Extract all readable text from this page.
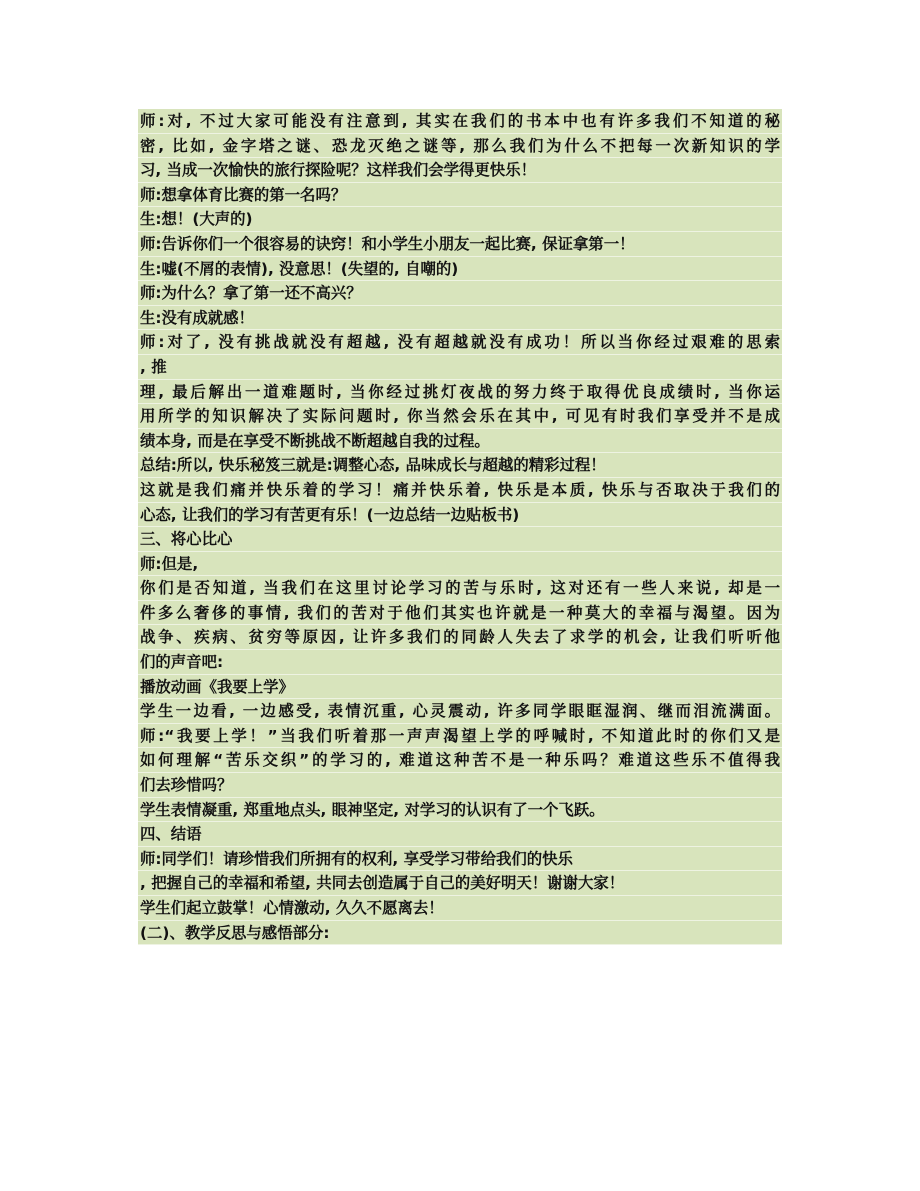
师:对, 不过大家可能没有注意到, 其实在我们的书本中也有许多我们不知道的秘
密, 比如, 金字塔之谜、恐龙灭绝之谜等, 那么我们为什么不把每一次新知识的学
习, 当成一次愉快的旅行探险呢？这样我们会学得更快乐！
师:想拿体育比赛的第一名吗？
生:想！(大声的)
师:告诉你们一个很容易的诀窍！和小学生小朋友一起比赛, 保证拿第一！
生:嘘(不屑的表情), 没意思！(失望的, 自嘲的)
师:为什么？拿了第一还不高兴？
生:没有成就感！
师:对了, 没有挑战就没有超越, 没有超越就没有成功！所以当你经过艰难的思索
, 推
理, 最后解出一道难题时, 当你经过挑灯夜战的努力终于取得优良成绩时, 当你运
用所学的知识解决了实际问题时, 你当然会乐在其中, 可见有时我们享受并不是成
绩本身, 而是在享受不断挑战不断超越自我的过程。
总结:所以, 快乐秘笈三就是:调整心态, 品味成长与超越的精彩过程！
这就是我们痛并快乐着的学习！痛并快乐着, 快乐是本质, 快乐与否取决于我们的
心态, 让我们的学习有苦更有乐！(一边总结一边贴板书)
三、将心比心
师:但是,
你们是否知道, 当我们在这里讨论学习的苦与乐时, 这对还有一些人来说, 却是一
件多么奢侈的事情, 我们的苦对于他们其实也许就是一种莫大的幸福与渴望。因为
战争、疾病、贫穷等原因, 让许多我们的同龄人失去了求学的机会, 让我们听听他
们的声音吧:
播放动画《我要上学》
学生一边看, 一边感受, 表情沉重, 心灵震动, 许多同学眼眶湿润、继而泪流满面。
师:“我要上学！”当我们听着那一声声渴望上学的呼喊时, 不知道此时的你们又是
如何理解“苦乐交织”的学习的, 难道这种苦不是一种乐吗？难道这些乐不值得我
们去珍惜吗？
学生表情凝重, 郑重地点头, 眼神坚定, 对学习的认识有了一个飞跃。
四、结语
师:同学们！请珍惜我们所拥有的权利, 享受学习带给我们的快乐
, 把握自己的幸福和希望, 共同去创造属于自己的美好明天！谢谢大家！
学生们起立鼓掌！心情激动, 久久不愿离去！
(二)、教学反思与感悟部分:
